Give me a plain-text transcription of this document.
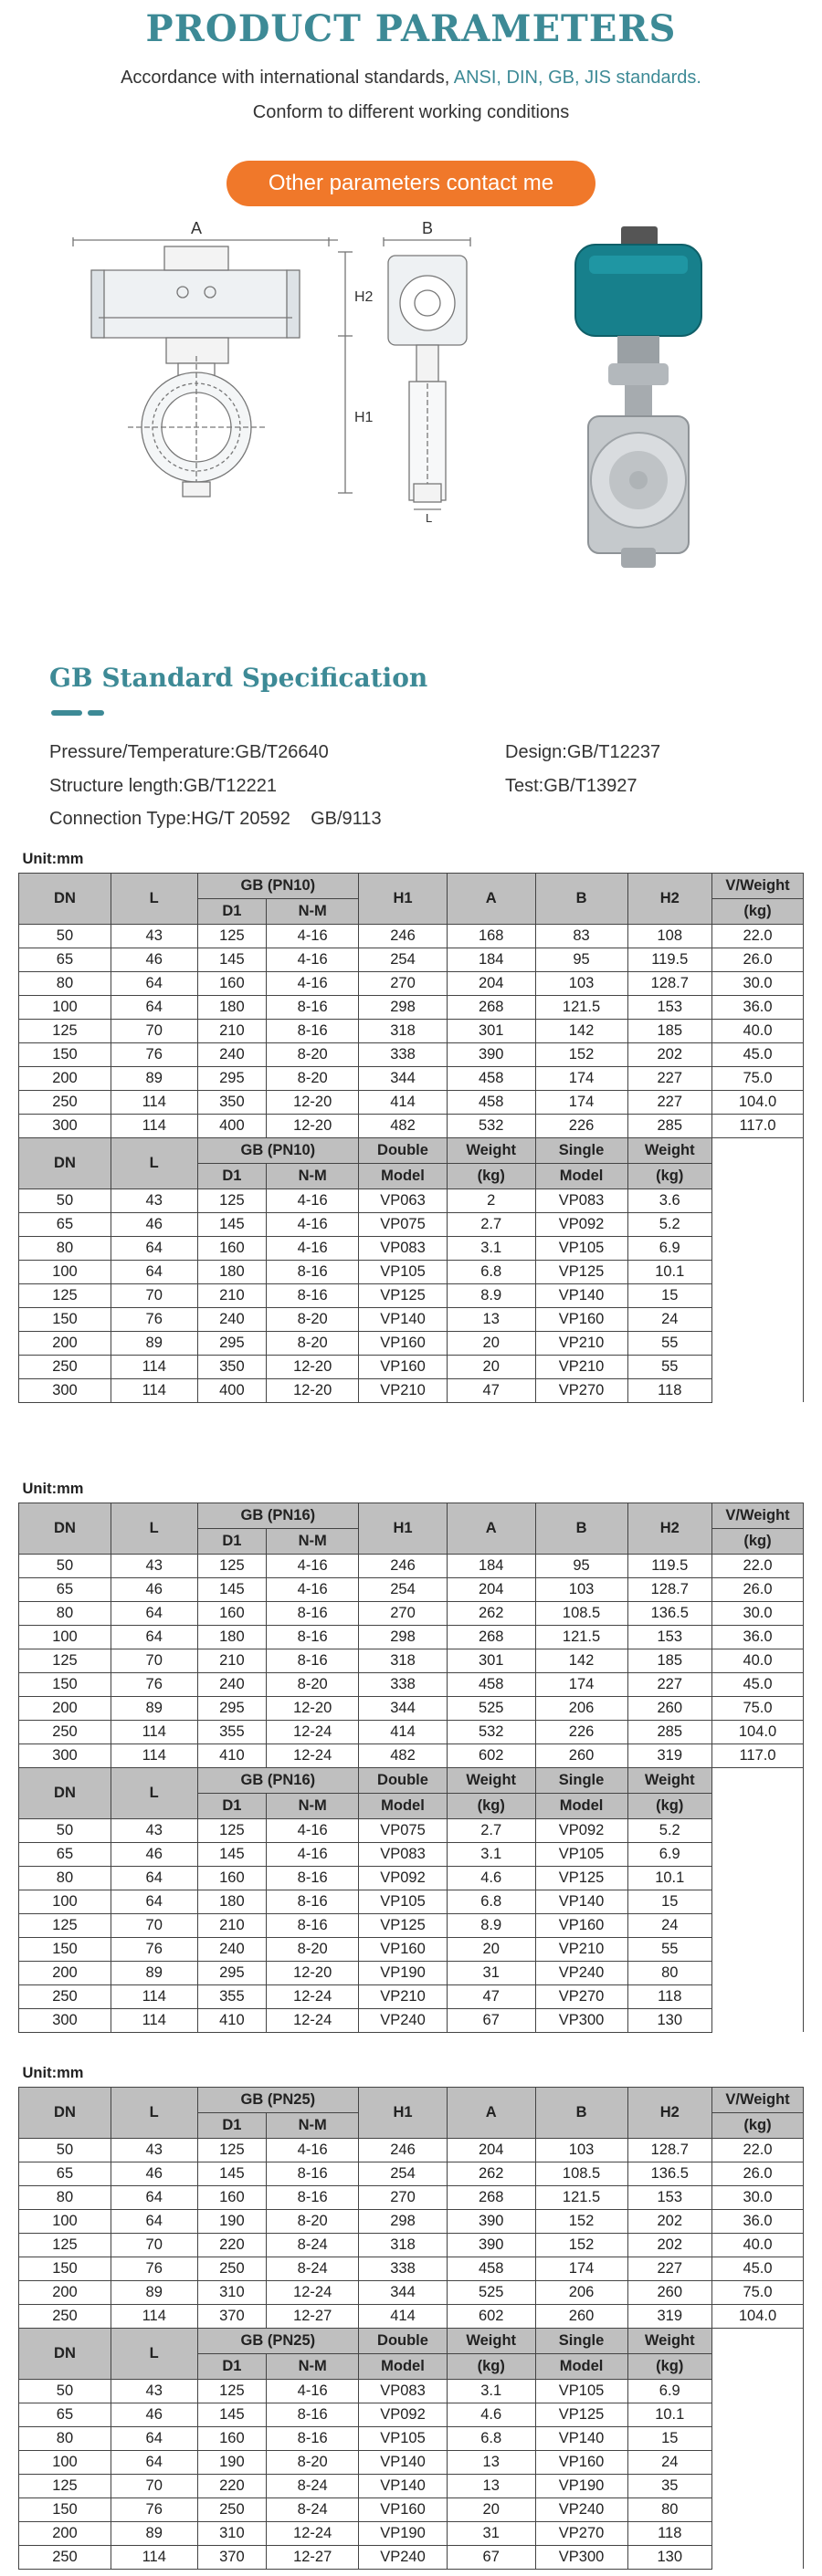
PRODUCT PARAMETERS
Accordance with international standards, ANSI, DIN, GB, JIS standards.
Conform to different working conditions
Other parameters contact me
A
H2
H1
B
L
GB Standard Specification
Pressure/Temperature:GB/T26640	Design:GB/T12237
Structure length:GB/T12221	Test:GB/T13927
Connection Type:HG/T 20592    GB/9113
Unit:mm								
DN	L	GB (PN10)		H1	A	B	H2	V/Weight
		D1	N-M					(kg)
50	43	125	4-16	246	168	83	108	22.0
65	46	145	4-16	254	184	95	119.5	26.0
80	64	160	4-16	270	204	103	128.7	30.0
100	64	180	8-16	298	268	121.5	153	36.0
125	70	210	8-16	318	301	142	185	40.0
150	76	240	8-20	338	390	152	202	45.0
200	89	295	8-20	344	458	174	227	75.0
250	114	350	12-20	414	458	174	227	104.0
300	114	400	12-20	482	532	226	285	117.0
DN	L	GB (PN10)		Double	Weight	Single	Weight	
		D1	N-M	Model	(kg)	Model	(kg)	
50	43	125	4-16	VP063	2	VP083	3.6	
65	46	145	4-16	VP075	2.7	VP092	5.2	
80	64	160	4-16	VP083	3.1	VP105	6.9	
100	64	180	8-16	VP105	6.8	VP125	10.1	
125	70	210	8-16	VP125	8.9	VP140	15	
150	76	240	8-20	VP140	13	VP160	24	
200	89	295	8-20	VP160	20	VP210	55	
250	114	350	12-20	VP160	20	VP210	55	
300	114	400	12-20	VP210	47	VP270	118	
Unit:mm								
DN	L	GB (PN16)		H1	A	B	H2	V/Weight
		D1	N-M					(kg)
50	43	125	4-16	246	184	95	119.5	22.0
65	46	145	4-16	254	204	103	128.7	26.0
80	64	160	8-16	270	262	108.5	136.5	30.0
100	64	180	8-16	298	268	121.5	153	36.0
125	70	210	8-16	318	301	142	185	40.0
150	76	240	8-20	338	458	174	227	45.0
200	89	295	12-20	344	525	206	260	75.0
250	114	355	12-24	414	532	226	285	104.0
300	114	410	12-24	482	602	260	319	117.0
DN	L	GB (PN16)		Double	Weight	Single	Weight	
		D1	N-M	Model	(kg)	Model	(kg)	
50	43	125	4-16	VP075	2.7	VP092	5.2	
65	46	145	4-16	VP083	3.1	VP105	6.9	
80	64	160	8-16	VP092	4.6	VP125	10.1	
100	64	180	8-16	VP105	6.8	VP140	15	
125	70	210	8-16	VP125	8.9	VP160	24	
150	76	240	8-20	VP160	20	VP210	55	
200	89	295	12-20	VP190	31	VP240	80	
250	114	355	12-24	VP210	47	VP270	118	
300	114	410	12-24	VP240	67	VP300	130	
Unit:mm								
DN	L	GB (PN25)		H1	A	B	H2	V/Weight
		D1	N-M					(kg)
50	43	125	4-16	246	204	103	128.7	22.0
65	46	145	8-16	254	262	108.5	136.5	26.0
80	64	160	8-16	270	268	121.5	153	30.0
100	64	190	8-20	298	390	152	202	36.0
125	70	220	8-24	318	390	152	202	40.0
150	76	250	8-24	338	458	174	227	45.0
200	89	310	12-24	344	525	206	260	75.0
250	114	370	12-27	414	602	260	319	104.0
DN	L	GB (PN25)		Double	Weight	Single	Weight	
		D1	N-M	Model	(kg)	Model	(kg)	
50	43	125	4-16	VP083	3.1	VP105	6.9	
65	46	145	8-16	VP092	4.6	VP125	10.1	
80	64	160	8-16	VP105	6.8	VP140	15	
100	64	190	8-20	VP140	13	VP160	24	
125	70	220	8-24	VP140	13	VP190	35	
150	76	250	8-24	VP160	20	VP240	80	
200	89	310	12-24	VP190	31	VP270	118	
250	114	370	12-27	VP240	67	VP300	130	
